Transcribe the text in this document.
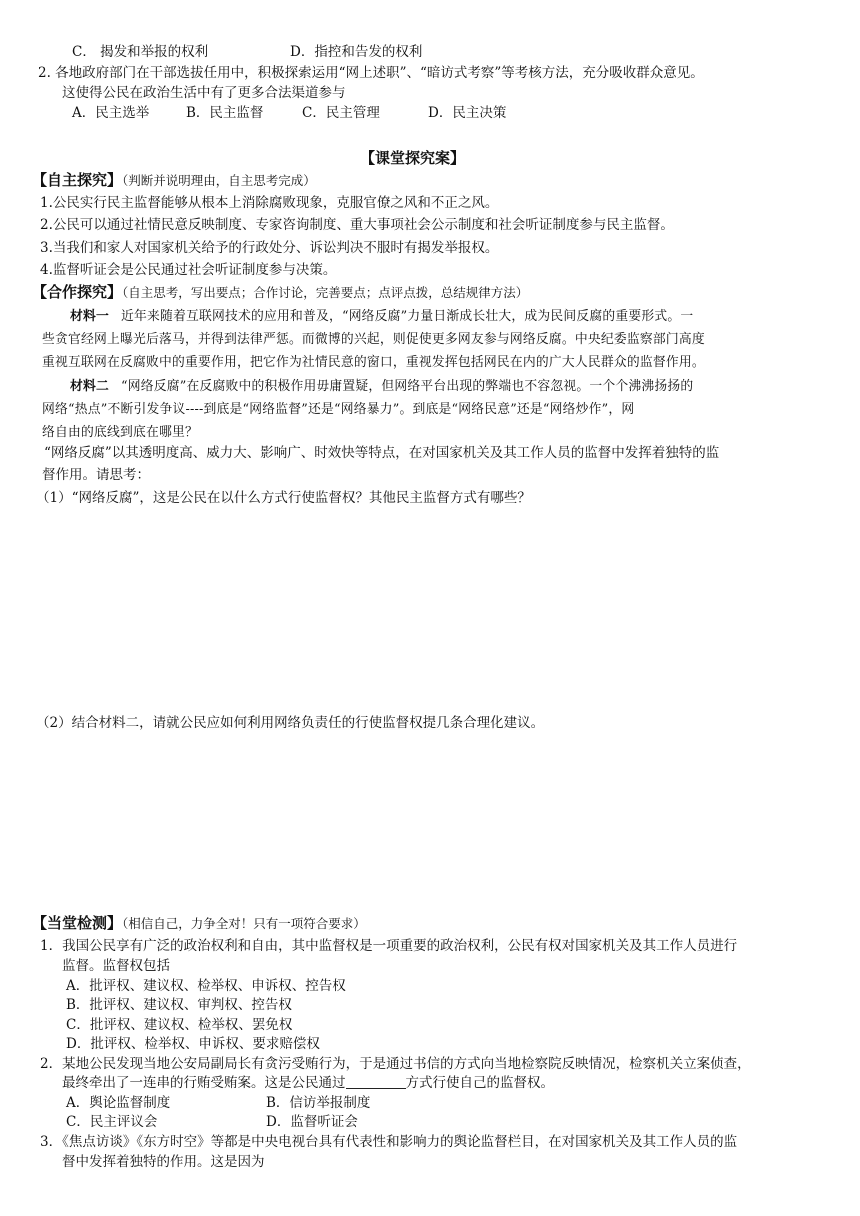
C． 揭发和举报的权利	D．指控和告发的权利
2. 各地政府部门在干部选拔任用中，积极探索运用“网上述职”、“暗访式考察”等考核方法，充分吸收群众意见。
这使得公民在政治生活中有了更多合法渠道参与
A．民主选举	B．民主监督	C．民主管理	D．民主决策
【课堂探究案】
【自主探究】（判断并说明理由，自主思考完成）
1.公民实行民主监督能够从根本上消除腐败现象，克服官僚之风和不正之风。
2.公民可以通过社情民意反映制度、专家咨询制度、重大事项社会公示制度和社会听证制度参与民主监督。
3.当我们和家人对国家机关给予的行政处分、诉讼判决不服时有揭发举报权。
4.监督听证会是公民通过社会听证制度参与决策。
【合作探究】（自主思考，写出要点；合作讨论，完善要点；点评点拨，总结规律方法）
材料一 近年来随着互联网技术的应用和普及，“网络反腐”力量日渐成长壮大，成为民间反腐的重要形式。一
些贪官经网上曝光后落马，并得到法律严惩。而微博的兴起，则促使更多网友参与网络反腐。中央纪委监察部门高度
重视互联网在反腐败中的重要作用，把它作为社情民意的窗口，重视发挥包括网民在内的广大人民群众的监督作用。
材料二 “网络反腐”在反腐败中的积极作用毋庸置疑，但网络平台出现的弊端也不容忽视。一个个沸沸扬扬的
网络“热点”不断引发争议----到底是“网络监督”还是“网络暴力”。到底是“网络民意”还是“网络炒作”，网
络自由的底线到底在哪里？
“网络反腐”以其透明度高、威力大、影响广、时效快等特点，在对国家机关及其工作人员的监督中发挥着独特的监
督作用。请思考：
（1）“网络反腐”，这是公民在以什么方式行使监督权？其他民主监督方式有哪些？
（2）结合材料二，请就公民应如何利用网络负责任的行使监督权提几条合理化建议。
【当堂检测】（相信自己，力争全对！只有一项符合要求）
1．我国公民享有广泛的政治权利和自由，其中监督权是一项重要的政治权利，公民有权对国家机关及其工作人员进行
监督。监督权包括
A．批评权、建议权、检举权、申诉权、控告权
B．批评权、建议权、审判权、控告权
C．批评权、建议权、检举权、罢免权
D．批评权、检举权、申诉权、要求赔偿权
2．某地公民发现当地公安局副局长有贪污受贿行为，于是通过书信的方式向当地检察院反映情况，检察机关立案侦查，
最终牵出了一连串的行贿受贿案。这是公民通过	方式行使自己的监督权。
A．舆论监督制度	B．信访举报制度
C．民主评议会	D．监督听证会
3．《焦点访谈》《东方时空》等都是中央电视台具有代表性和影响力的舆论监督栏目，在对国家机关及其工作人员的监
督中发挥着独特的作用。这是因为
